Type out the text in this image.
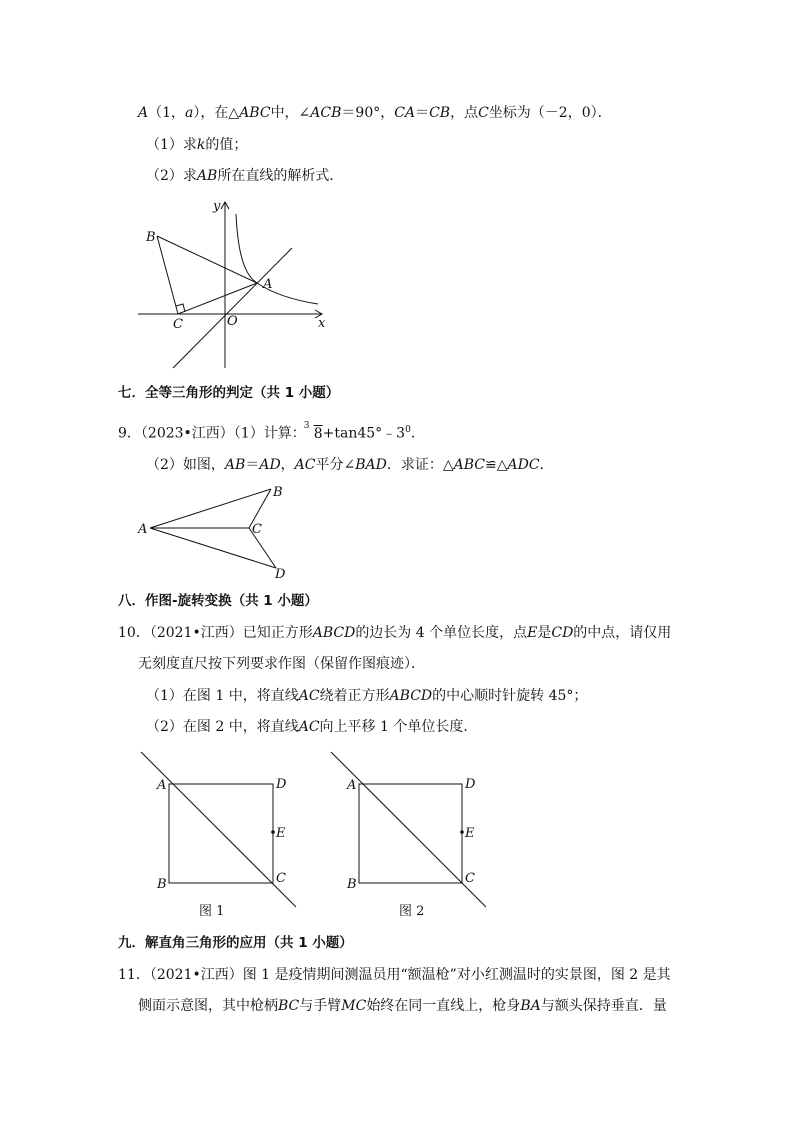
A（1，a），在△ABC中，∠ACB＝90°，CA＝CB，点C坐标为（－2，0）．
（1）求k的值；
（2）求AB所在直线的解析式．
y
x
B
A
C	O
七．全等三角形的判定（共 1 小题）
9．（2023•江西）（1）计算：
3 $8+\tan 45^\circ﹣3^0$．
（2）如图，AB＝AD，AC平分∠BAD．求证：△ABC≌△ADC．
A
B
C
D
八．作图-旋转变换（共 1 小题）
10．（2021•江西）已知正方形ABCD的边长为 4 个单位长度，点E是CD的中点，请仅用
无刻度直尺按下列要求作图（保留作图痕迹）．
（1）在图 1 中，将直线AC绕着正方形ABCD的中心顺时针旋转 45°；
（2）在图 2 中，将直线AC向上平移 1 个单位长度．
A	D
E
B	C
图 1
A	D
E
B	C
图 2
九．解直角三角形的应用（共 1 小题）
11．（2021•江西）图 1 是疫情期间测温员用“额温枪”对小红测温时的实景图，图 2 是其
侧面示意图，其中枪柄BC与手臂MC始终在同一直线上，枪身BA与额头保持垂直．量
